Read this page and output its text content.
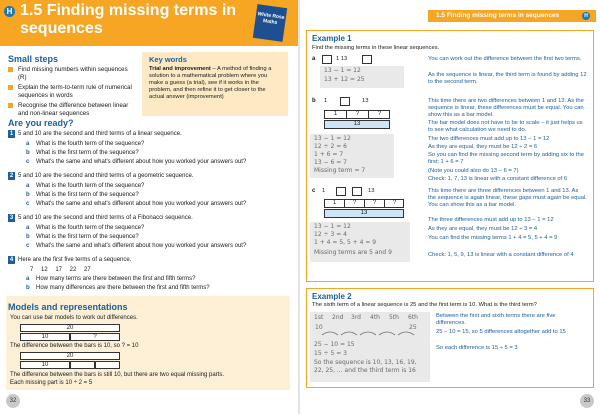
H 1.5 Finding missing terms in sequences
White Rose Maths
Small steps
Find missing numbers within sequences (R)
Explain the term-to-term rule of numerical sequences in words
Recognise the difference between linear and non-linear sequences
Key words
Trial and improvement – A method of finding a solution to a mathematical problem where you make a guess (a trial), see if it works in the problem, and then refine it to get closer to the actual answer (improvement)
Are you ready?
1 5 and 10 are the second and third terms of a linear sequence.
a What is the fourth term of the sequence?
b What is the first term of the sequence?
c What's the same and what's different about how you worked your answers out?
2 5 and 10 are the second and third terms of a geometric sequence.
a What is the fourth term of the sequence?
b What is the first term of the sequence?
c What's the same and what's different about how you worked your answers out?
3 5 and 10 are the second and third terms of a Fibonacci sequence.
a What is the fourth term of the sequence?
b What is the first term of the sequence?
c What's the same and what's different about how you worked your answers out?
4 Here are the first five terms of a sequence.
7 12 17 22 27
a How many terms are there between the first and fifth terms?
b How many differences are there between the first and fifth terms?
Models and representations
You can use bar models to work out differences.
20
10	?
The difference between the bars is 10, so ? = 10
20
10
The difference between the bars is still 10, but there are two equal missing parts.
Each missing part is 10 ÷ 2 = 5
32
1.5 Finding missing terms in sequences	H
Example 1
Find the missing terms in these linear sequences.
a	1 13
13 − 1 = 12
13 + 12 = 25
You can work out the difference between the first two terms.
As the sequence is linear, the third term is found by adding 12 to the second term.
b 1	13
1	?	?
13
13 − 1 = 12
12 ÷ 2 = 6
1 + 6 = 7
13 − 6 = 7
Missing term = 7
This time there are two differences between 1 and 13. As the sequence is linear, these differences must be equal. You can show this as a bar model.
The bar model does not have to be to scale – it just helps us to see what calculation we need to do.
The two differences must add up to 13 − 1 = 12
As they are equal, they must be 12 ÷ 2 = 6
So you can find the missing second term by adding six to the first; 1 + 6 = 7
(Note you could also do 13 − 6 = 7)
Check: 1, 7, 13 is linear with a constant difference of 6
c 1	13
1	?	?	?
13
13 − 1 = 12
12 ÷ 3 = 4
1 + 4 = 5, 5 + 4 = 9
Missing terms are 5 and 9
This time there are three differences between 1 and 13. As the sequence is again linear, these gaps must again be equal. You can show this as a bar model.
The three differences must add up to 13 − 1 = 12
As they are equal, they must be 12 ÷ 3 = 4
You can find the missing terms 1 + 4 = 5, 5 + 4 = 9
Check: 1, 5, 9, 13 is linear with a constant difference of 4
Example 2
The sixth term of a linear sequence is 25 and the first term is 10. What is the third term?
1st 2nd 3rd 4th 5th 6th
10	25
25 − 10 = 15
15 ÷ 5 = 3
So the sequence is 10, 13, 16, 19, 22, 25, ... and the third term is 16
Between the first and sixth terms there are five differences.
25 − 10 = 15, so 5 differences altogether add to 15
So each difference is 15 ÷ 5 = 3
33
